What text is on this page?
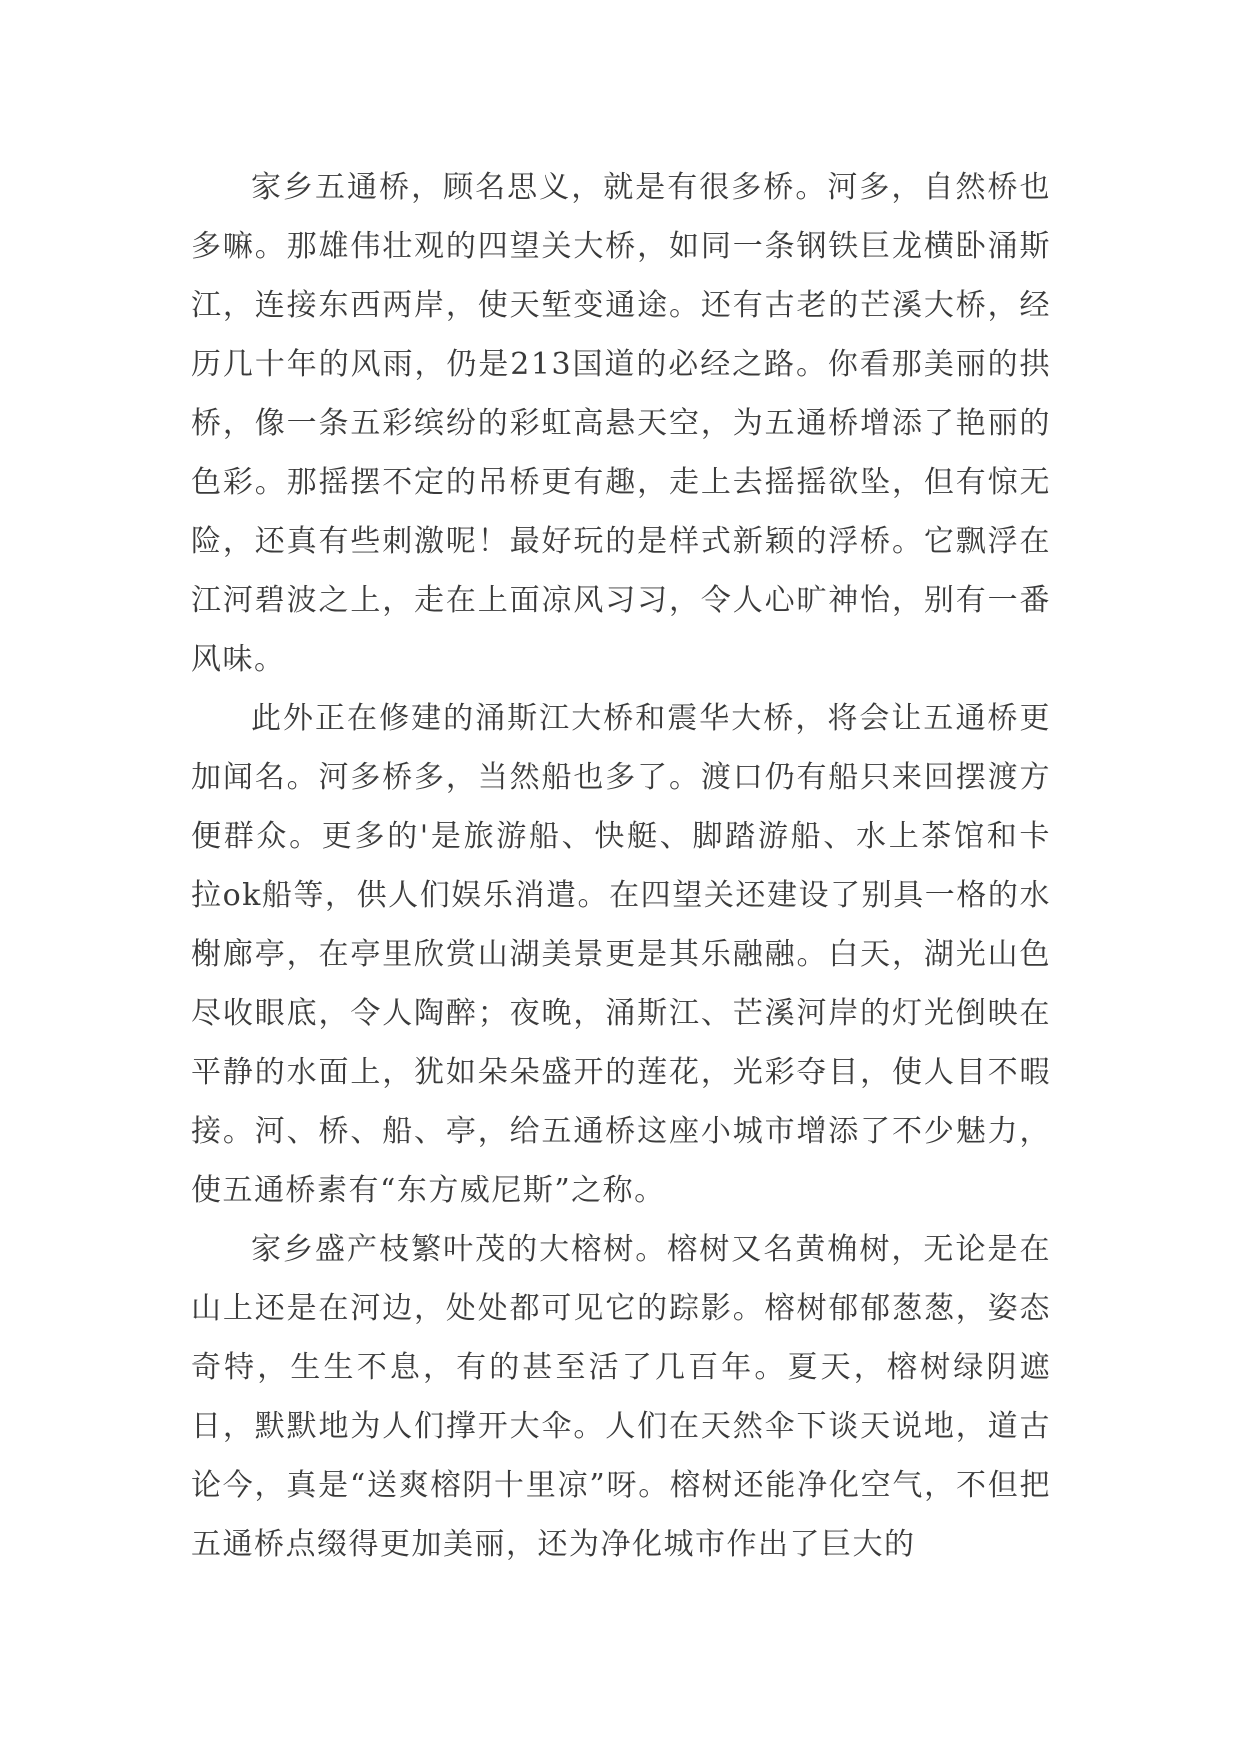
家乡五通桥，顾名思义，就是有很多桥。河多，自然桥也多嘛。那雄伟壮观的四望关大桥，如同一条钢铁巨龙横卧涌斯江，连接东西两岸，使天堑变通途。还有古老的芒溪大桥，经历几十年的风雨，仍是213国道的必经之路。你看那美丽的拱桥，像一条五彩缤纷的彩虹高悬天空，为五通桥增添了艳丽的色彩。那摇摆不定的吊桥更有趣，走上去摇摇欲坠，但有惊无险，还真有些刺激呢！最好玩的是样式新颖的浮桥。它飘浮在江河碧波之上，走在上面凉风习习，令人心旷神怡，别有一番风味。

此外正在修建的涌斯江大桥和震华大桥，将会让五通桥更加闻名。河多桥多，当然船也多了。渡口仍有船只来回摆渡方便群众。更多的'是旅游船、快艇、脚踏游船、水上茶馆和卡拉ok船等，供人们娱乐消遣。在四望关还建设了别具一格的水榭廊亭，在亭里欣赏山湖美景更是其乐融融。白天，湖光山色尽收眼底，令人陶醉；夜晚，涌斯江、芒溪河岸的灯光倒映在平静的水面上，犹如朵朵盛开的莲花，光彩夺目，使人目不暇接。河、桥、船、亭，给五通桥这座小城市增添了不少魅力，使五通桥素有“东方威尼斯”之称。

家乡盛产枝繁叶茂的大榕树。榕树又名黄桷树，无论是在山上还是在河边，处处都可见它的踪影。榕树郁郁葱葱，姿态奇特，生生不息，有的甚至活了几百年。夏天，榕树绿阴遮日，默默地为人们撑开大伞。人们在天然伞下谈天说地，道古论今，真是“送爽榕阴十里凉”呀。榕树还能净化空气，不但把五通桥点缀得更加美丽，还为净化城市作出了巨大的
